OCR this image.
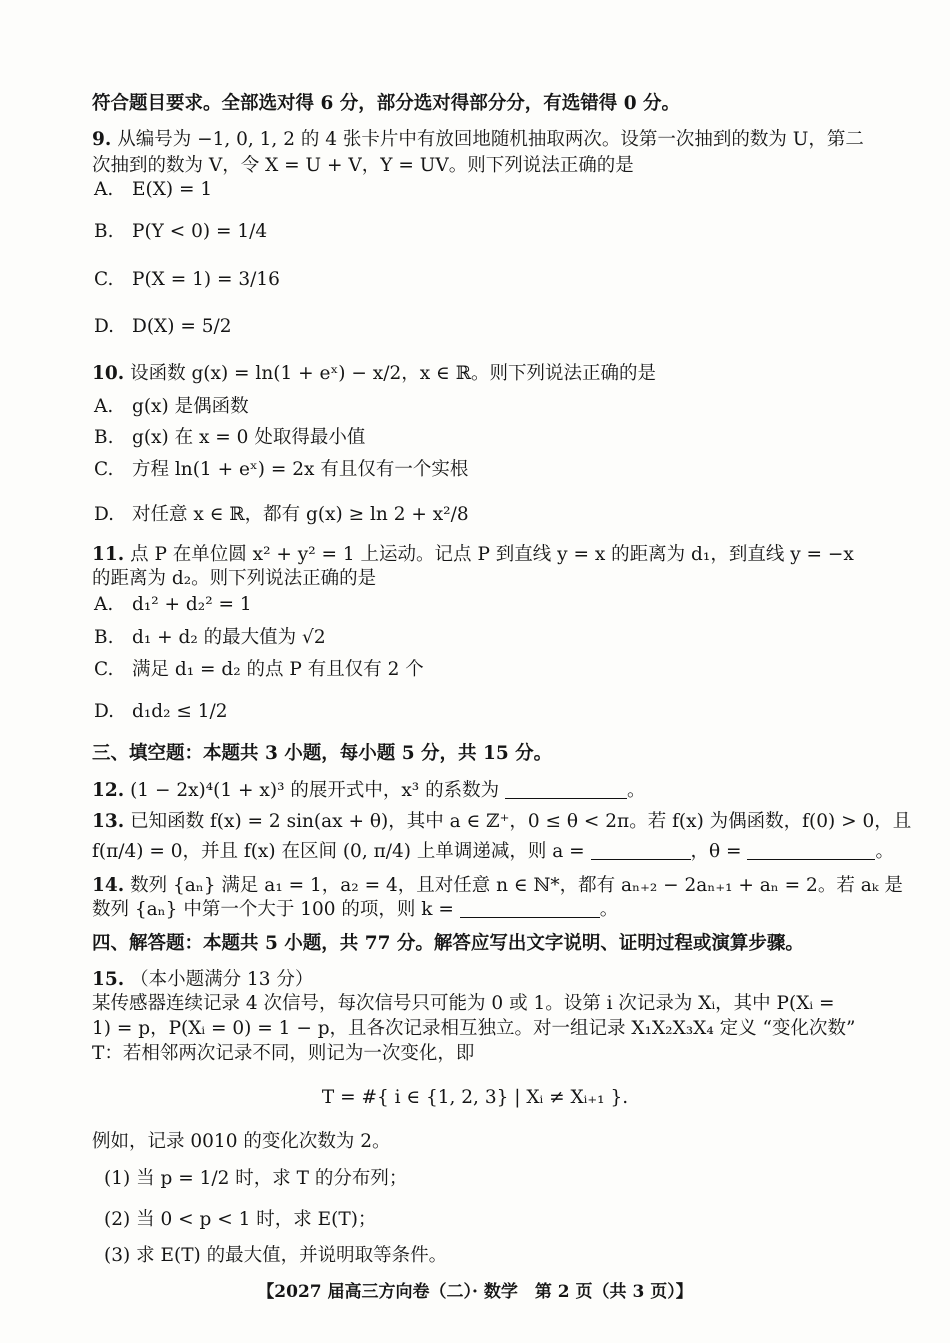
符合题目要求。全部选对得 6 分，部分选对得部分分，有选错得 0 分。
9. 从编号为 −1, 0, 1, 2 的 4 张卡片中有放回地随机抽取两次。设第一次抽到的数为 U，第二
次抽到的数为 V，令 X = U + V，Y = UV。则下列说法正确的是
A. E(X) = 1
B. P(Y < 0) = 1/4
C. P(X = 1) = 3/16
D. D(X) = 5/2
10. 设函数 g(x) = ln(1 + eˣ) − x/2，x ∈ ℝ。则下列说法正确的是
A. g(x) 是偶函数
B. g(x) 在 x = 0 处取得最小值
C. 方程 ln(1 + eˣ) = 2x 有且仅有一个实根
D. 对任意 x ∈ ℝ，都有 g(x) ≥ ln 2 + x²/8
11. 点 P 在单位圆 x² + y² = 1 上运动。记点 P 到直线 y = x 的距离为 d₁，到直线 y = −x
的距离为 d₂。则下列说法正确的是
A. d₁² + d₂² = 1
B. d₁ + d₂ 的最大值为 √2
C. 满足 d₁ = d₂ 的点 P 有且仅有 2 个
D. d₁d₂ ≤ 1/2
三、填空题：本题共 3 小题，每小题 5 分，共 15 分。
12. (1 − 2x)⁴(1 + x)³ 的展开式中，x³ 的系数为	。
13. 已知函数 f(x) = 2 sin(ax + θ)，其中 a ∈ ℤ⁺，0 ≤ θ < 2π。若 f(x) 为偶函数，f(0) > 0，且
f(π/4) = 0，并且 f(x) 在区间 (0, π/4) 上单调递减，则 a =	，θ =	。
14. 数列 {aₙ} 满足 a₁ = 1，a₂ = 4，且对任意 n ∈ ℕ*，都有 aₙ₊₂ − 2aₙ₊₁ + aₙ = 2。若 aₖ 是
数列 {aₙ} 中第一个大于 100 的项，则 k =	。
四、解答题：本题共 5 小题，共 77 分。解答应写出文字说明、证明过程或演算步骤。
15. （本小题满分 13 分）
某传感器连续记录 4 次信号，每次信号只可能为 0 或 1。设第 i 次记录为 Xᵢ，其中 P(Xᵢ =
1) = p，P(Xᵢ = 0) = 1 − p，且各次记录相互独立。对一组记录 X₁X₂X₃X₄ 定义 “变化次数”
T：若相邻两次记录不同，则记为一次变化，即
T = #{ i ∈ {1, 2, 3} | Xᵢ ≠ Xᵢ₊₁ }.
例如，记录 0010 的变化次数为 2。
(1) 当 p = 1/2 时，求 T 的分布列；
(2) 当 0 < p < 1 时，求 E(T)；
(3) 求 E(T) 的最大值，并说明取等条件。
【2027 届高三方向卷（二）· 数学　第 2 页（共 3 页）】
